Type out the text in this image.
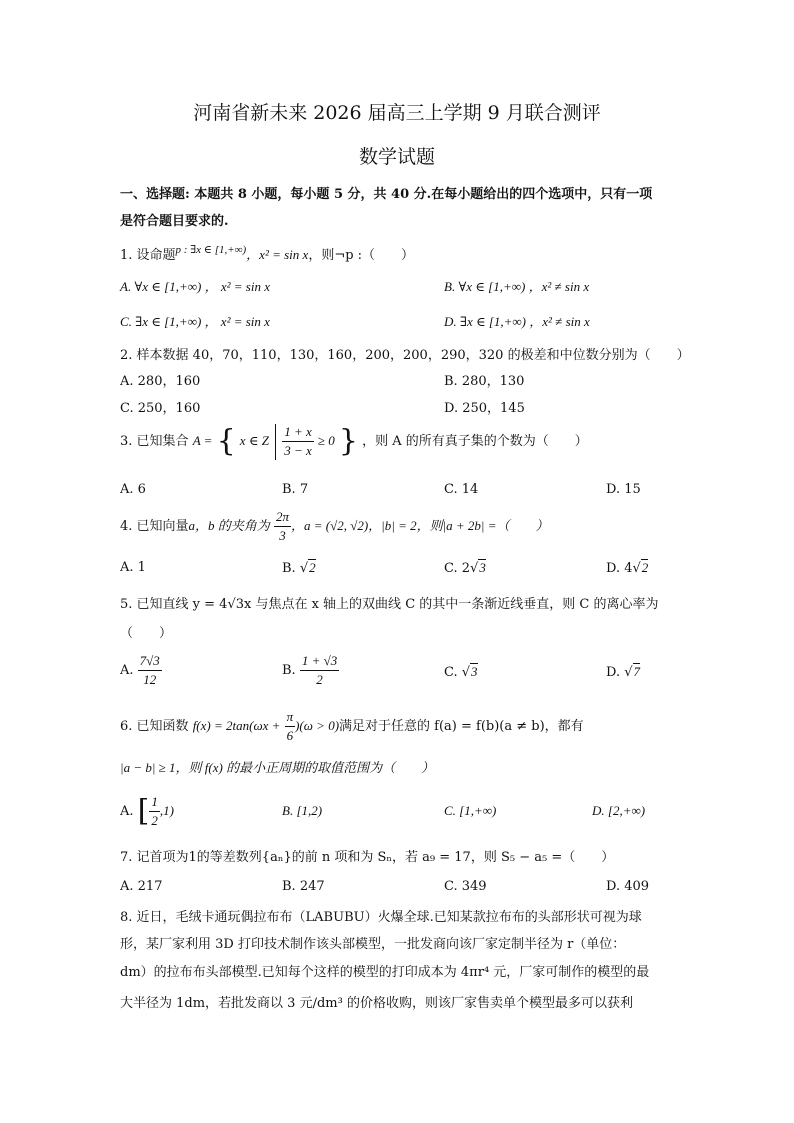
河南省新未来 2026 届高三上学期 9 月联合测评
数学试题
一、选择题: 本题共 8 小题，每小题 5 分，共 40 分.在每小题给出的四个选项中，只有一项
是符合题目要求的.
1. 设命题$^{p : \exists x \in [1,+\infty)}$，x² = sin x，则¬p :（　　）
A. ∀x ∈ [1,+∞) ， x² = sin x	B. ∀x ∈ [1,+∞) ，x² ≠ sin x
C. ∃x ∈ [1,+∞) ， x² = sin x	D. ∃x ∈ [1,+∞) ，x² ≠ sin x
2. 样本数据 40，70，110，130，160，200，200，290，320 的极差和中位数分别为（　　）
A. 280，160	B. 280，130
C. 250，160	D. 250，145
3. 已知集合 A = { x ∈ Z $\frac{1 + x}{3 - x} \ge 0$ } ，则 A 的所有真子集的个数为（　　）
A. 6	B. 7	C. 14	D. 15
4. 已知向量a，b 的夹角为 $\frac{2\pi}{3}$ ，a = (√2, √2)，|b| = 2，则|a + 2b| =（　　）
A. 1	B. √2	C. 2√3	D. 4√2
5. 已知直线 y = 4√3x 与焦点在 x 轴上的双曲线 C 的其中一条渐近线垂直，则 C 的离心率为
（　　）
A. $\frac{7√3}{12}$	B. $\frac{1 + √3}{2}$	C. √3	D. √7
6. 已知函数 $f(x) = 2\tan(\omega x + \frac{\pi}{6} )(\omega > 0)$满足对于任意的 f(a) = f(b)(a ≠ b)，都有
|a − b| ≥ 1，则 f(x) 的最小正周期的取值范围为（　　）
A. [ $\frac{1}{2} ,1$)	B. [1,2)	C. [1,+∞)	D. [2,+∞)
7. 记首项为1的等差数列{aₙ}的前 n 项和为 Sₙ，若 a₉ = 17，则 S₅ − a₅ =（　　）
A. 217	B. 247	C. 349	D. 409
8. 近日，毛绒卡通玩偶拉布布（LABUBU）火爆全球.已知某款拉布布的头部形状可视为球
形，某厂家利用 3D 打印技术制作该头部模型，一批发商向该厂家定制半径为 r（单位：
dm）的拉布布头部模型.已知每个这样的模型的打印成本为 4πr⁴ 元，厂家可制作的模型的最
大半径为 1dm，若批发商以 3 元/dm³ 的价格收购，则该厂家售卖单个模型最多可以获利
